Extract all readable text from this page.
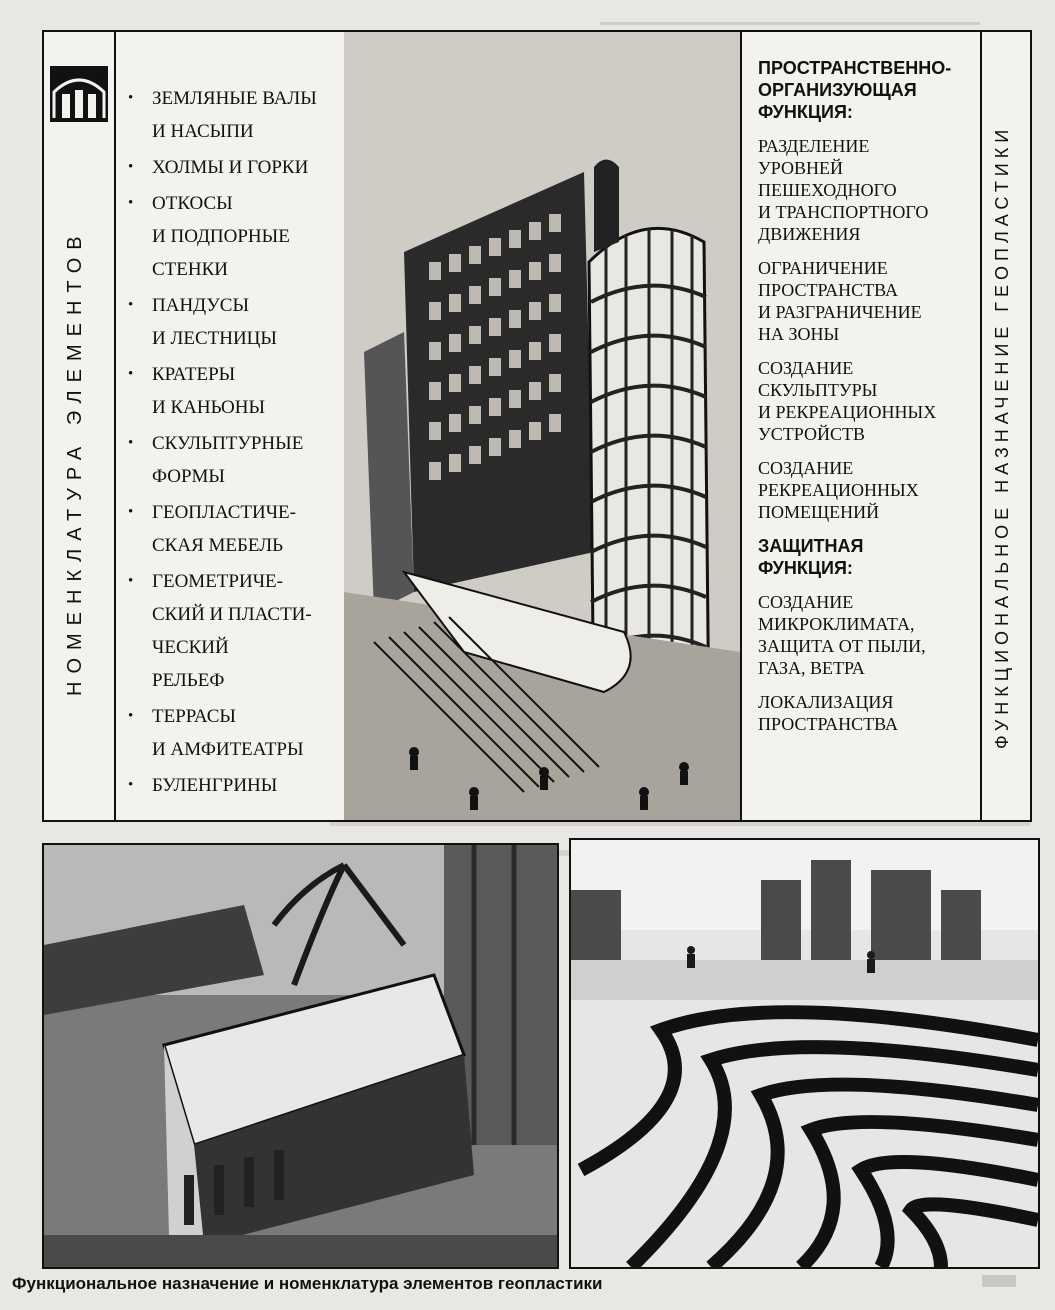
НОМЕНКЛАТУРА ЭЛЕМЕНТОВ
• ЗЕМЛЯНЫЕ ВАЛЫ
И НАСЫПИ
• ХОЛМЫ И ГОРКИ
• ОТКОСЫ
И ПОДПОРНЫЕ
СТЕНКИ
• ПАНДУСЫ
И ЛЕСТНИЦЫ
• КРАТЕРЫ
И КАНЬОНЫ
• СКУЛЬПТУРНЫЕ
ФОРМЫ
• ГЕОПЛАСТИЧЕ-
СКАЯ МЕБЕЛЬ
• ГЕОМЕТРИЧЕ-
СКИЙ И ПЛАСТИ-
ЧЕСКИЙ
РЕЛЬЕФ
• ТЕРРАСЫ
И АМФИТЕАТРЫ
• БУЛЕНГРИНЫ
ПРОСТРАНСТВЕННО-
ОРГАНИЗУЮЩАЯ
ФУНКЦИЯ:
РАЗДЕЛЕНИЕ
УРОВНЕЙ
ПЕШЕХОДНОГО
И ТРАНСПОРТНОГО
ДВИЖЕНИЯ
ОГРАНИЧЕНИЕ
ПРОСТРАНСТВА
И РАЗГРАНИЧЕНИЕ
НА ЗОНЫ
СОЗДАНИЕ
СКУЛЬПТУРЫ
И РЕКРЕАЦИОННЫХ
УСТРОЙСТВ
СОЗДАНИЕ
РЕКРЕАЦИОННЫХ
ПОМЕЩЕНИЙ
ЗАЩИТНАЯ
ФУНКЦИЯ:
СОЗДАНИЕ
МИКРОКЛИМАТА,
ЗАЩИТА ОТ ПЫЛИ,
ГАЗА, ВЕТРА
ЛОКАЛИЗАЦИЯ
ПРОСТРАНСТВА	ФУНКЦИОНАЛЬНОЕ НАЗНАЧЕНИЕ ГЕОПЛАСТИКИ
Функциональное назначение и номенклатура элементов геопластики
